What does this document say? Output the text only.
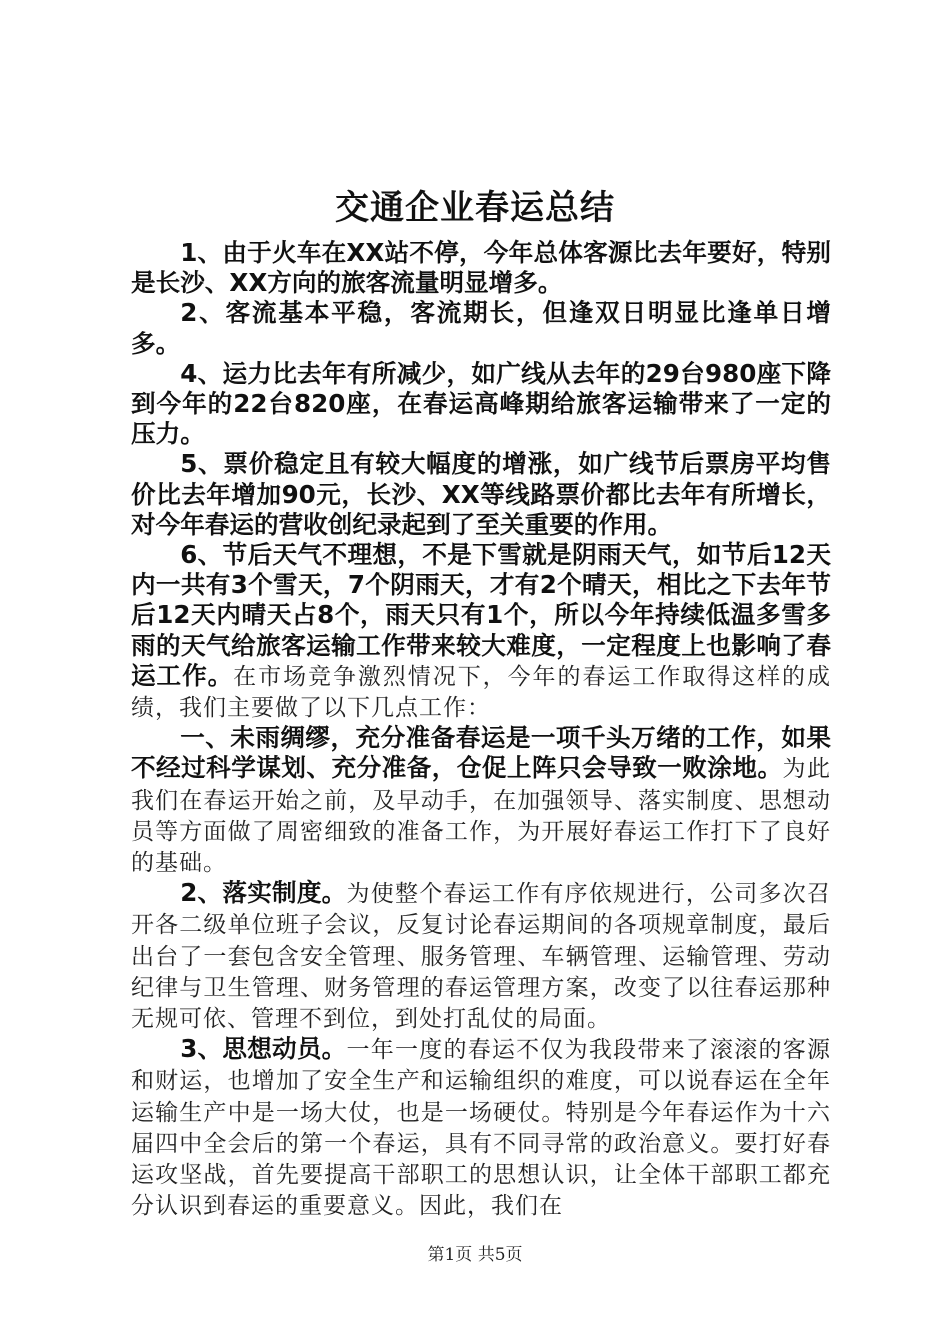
交通企业春运总结

1、由于火车在XX站不停，今年总体客源比去年要好，特别是长沙、XX方向的旅客流量明显增多。

2、客流基本平稳，客流期长，但逢双日明显比逢单日增多。

4、运力比去年有所减少，如广线从去年的29台980座下降到今年的22台820座，在春运高峰期给旅客运输带来了一定的压力。

5、票价稳定且有较大幅度的增涨，如广线节后票房平均售价比去年增加90元，长沙、XX等线路票价都比去年有所增长，对今年春运的营收创纪录起到了至关重要的作用。

6、节后天气不理想，不是下雪就是阴雨天气，如节后12天内一共有3个雪天，7个阴雨天，才有2个晴天，相比之下去年节后12天内晴天占8个，雨天只有1个，所以今年持续低温多雪多雨的天气给旅客运输工作带来较大难度，一定程度上也影响了春运工作。在市场竞争激烈情况下，今年的春运工作取得这样的成绩，我们主要做了以下几点工作：

一、未雨绸缪，充分准备春运是一项千头万绪的工作，如果不经过科学谋划、充分准备，仓促上阵只会导致一败涂地。为此我们在春运开始之前，及早动手，在加强领导、落实制度、思想动员等方面做了周密细致的准备工作，为开展好春运工作打下了良好的基础。

2、落实制度。为使整个春运工作有序依规进行，公司多次召开各二级单位班子会议，反复讨论春运期间的各项规章制度，最后出台了一套包含安全管理、服务管理、车辆管理、运输管理、劳动纪律与卫生管理、财务管理的春运管理方案，改变了以往春运那种无规可依、管理不到位，到处打乱仗的局面。

3、思想动员。一年一度的春运不仅为我段带来了滚滚的客源和财运，也增加了安全生产和运输组织的难度，可以说春运在全年运输生产中是一场大仗，也是一场硬仗。特别是今年春运作为十六届四中全会后的第一个春运，具有不同寻常的政治意义。要打好春运攻坚战，首先要提高干部职工的思想认识，让全体干部职工都充分认识到春运的重要意义。因此，我们在

第1页 共5页
